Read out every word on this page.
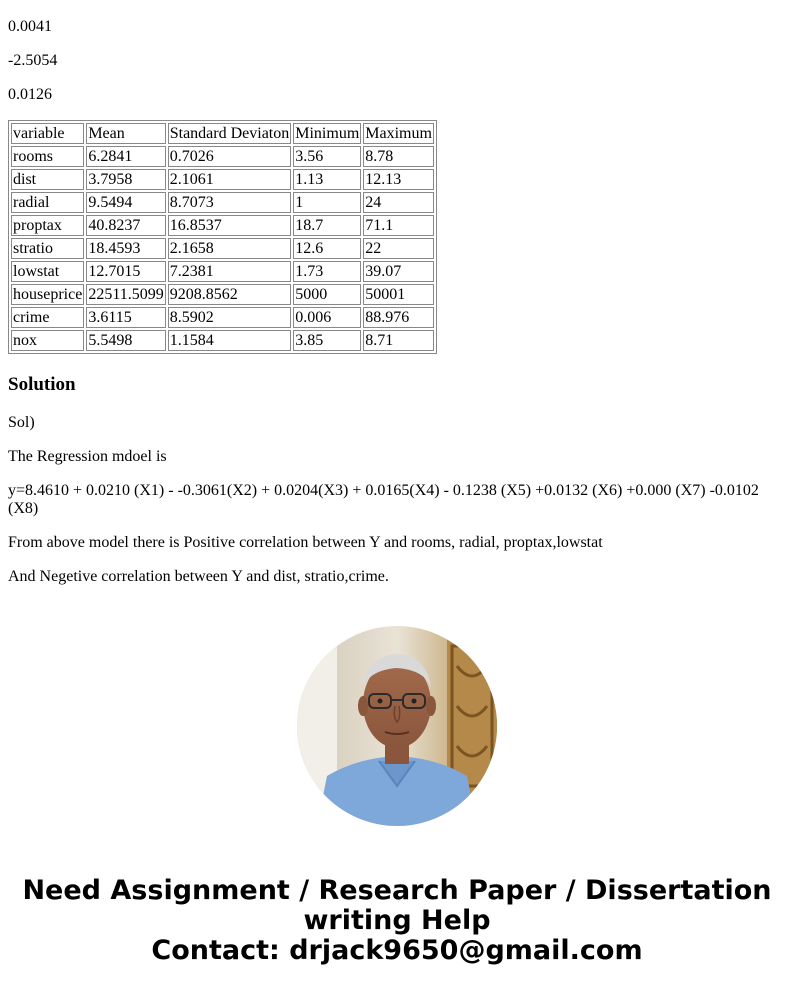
0.0041

-2.5054

0.0126

variable	Mean	Standard Deviaton	Minimum	Maximum
rooms	6.2841	0.7026	3.56	8.78
dist	3.7958	2.1061	1.13	12.13
radial	9.5494	8.7073	1	24
proptax	40.8237	16.8537	18.7	71.1
stratio	18.4593	2.1658	12.6	22
lowstat	12.7015	7.2381	1.73	39.07
houseprice	22511.5099	9208.8562	5000	50001
crime	3.6115	8.5902	0.006	88.976
nox	5.5498	1.1584	3.85	8.71
Solution

Sol)

The Regression mdoel is

y=8.4610 + 0.0210 (X1) - -0.3061(X2) + 0.0204(X3) + 0.0165(X4) - 0.1238 (X5) +0.0132 (X6) +0.000 (X7) -0.0102 (X8)

From above model there is Positive correlation between Y and rooms, radial, proptax,lowstat

And Negetive correlation between Y and dist, stratio,crime.

Need Assignment / Research Paper / Dissertation
writing Help
Contact: drjack9650@gmail.com
